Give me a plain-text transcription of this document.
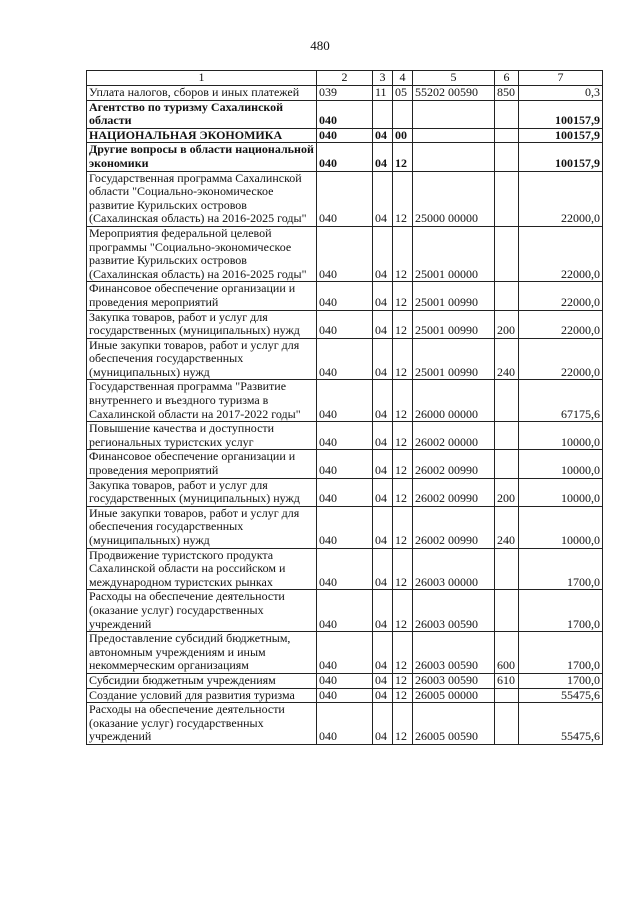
480
1	2	3	4	5	6	7
Уплата налогов, сборов и иных платежей	039	11	05	55202 00590	850	0,3
Агентство по туризму Сахалинской области	040					100157,9
НАЦИОНАЛЬНАЯ ЭКОНОМИКА	040	04	00			100157,9
Другие вопросы в области национальной экономики	040	04	12			100157,9
Государственная программа Сахалинской области "Социально-экономическое развитие Курильских островов (Сахалинская область) на 2016-2025 годы"	040	04	12	25000 00000		22000,0
Мероприятия федеральной целевой программы "Социально-экономическое развитие Курильских островов (Сахалинская область) на 2016-2025 годы"	040	04	12	25001 00000		22000,0
Финансовое обеспечение организации и проведения мероприятий	040	04	12	25001 00990		22000,0
Закупка товаров, работ и услуг для государственных (муниципальных) нужд	040	04	12	25001 00990	200	22000,0
Иные закупки товаров, работ и услуг для обеспечения государственных (муниципальных) нужд	040	04	12	25001 00990	240	22000,0
Государственная программа "Развитие внутреннего и въездного туризма в Сахалинской области на 2017-2022 годы"	040	04	12	26000 00000		67175,6
Повышение качества и доступности региональных туристских услуг	040	04	12	26002 00000		10000,0
Финансовое обеспечение организации и проведения мероприятий	040	04	12	26002 00990		10000,0
Закупка товаров, работ и услуг для государственных (муниципальных) нужд	040	04	12	26002 00990	200	10000,0
Иные закупки товаров, работ и услуг для обеспечения государственных (муниципальных) нужд	040	04	12	26002 00990	240	10000,0
Продвижение туристского продукта Сахалинской области на российском и международном туристских рынках	040	04	12	26003 00000		1700,0
Расходы на обеспечение деятельности (оказание услуг) государственных учреждений	040	04	12	26003 00590		1700,0
Предоставление субсидий бюджетным, автономным учреждениям и иным некоммерческим организациям	040	04	12	26003 00590	600	1700,0
Субсидии бюджетным учреждениям	040	04	12	26003 00590	610	1700,0
Создание условий для развития туризма	040	04	12	26005 00000		55475,6
Расходы на обеспечение деятельности (оказание услуг) государственных учреждений	040	04	12	26005 00590		55475,6
